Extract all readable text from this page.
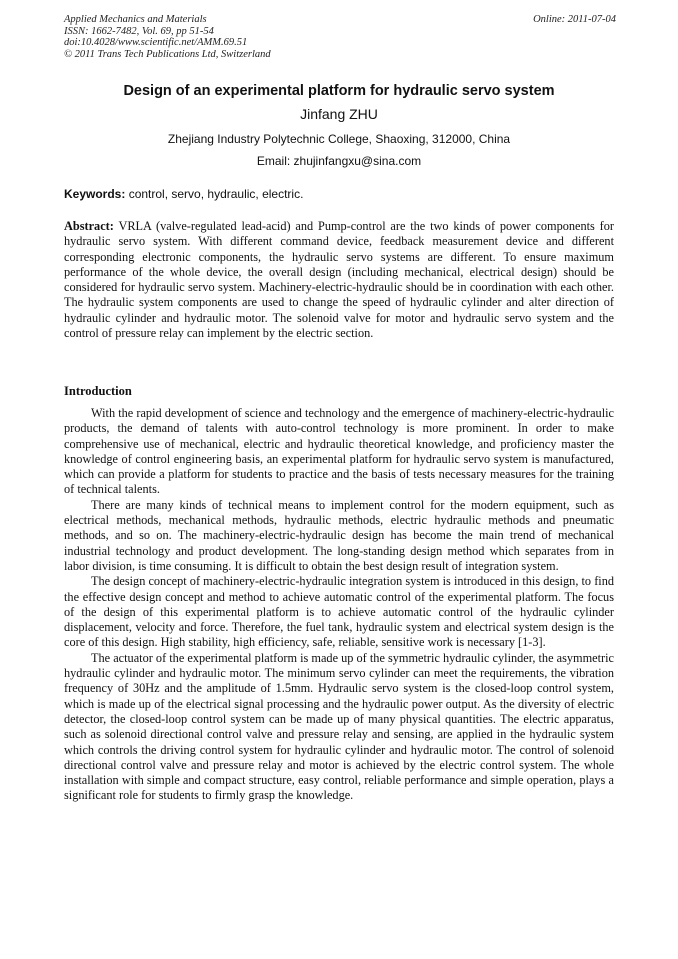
Applied Mechanics and Materials
ISSN: 1662-7482, Vol. 69, pp 51-54
doi:10.4028/www.scientific.net/AMM.69.51
© 2011 Trans Tech Publications Ltd, Switzerland
Online: 2011-07-04
Design of an experimental platform for hydraulic servo system
Jinfang ZHU
Zhejiang Industry Polytechnic College, Shaoxing, 312000, China
Email: zhujinfangxu@sina.com
Keywords: control, servo, hydraulic, electric.

Abstract: VRLA (valve-regulated lead-acid) and Pump-control are the two kinds of power components for hydraulic servo system. With different command device, feedback measurement device and different corresponding electronic components, the hydraulic servo systems are different. To ensure maximum performance of the whole device, the overall design (including mechanical, electrical design) should be considered for hydraulic servo system. Machinery-electric-hydraulic should be in coordination with each other. The hydraulic system components are used to change the speed of hydraulic cylinder and alter direction of hydraulic cylinder and hydraulic motor. The solenoid valve for motor and hydraulic servo system and the control of pressure relay can implement by the electric section.

Introduction

With the rapid development of science and technology and the emergence of machinery-electric-hydraulic products, the demand of talents with auto-control technology is more prominent. In order to make comprehensive use of mechanical, electric and hydraulic theoretical knowledge, and proficiency master the knowledge of control engineering basis, an experimental platform for hydraulic servo system is manufactured, which can provide a platform for students to practice and the basis of tests necessary measures for the training of technical talents.

There are many kinds of technical means to implement control for the modern equipment, such as electrical methods, mechanical methods, hydraulic methods, electric hydraulic methods and pneumatic methods, and so on. The machinery-electric-hydraulic design has become the main trend of mechanical industrial technology and product development. The long-standing design method which separates from in labor division, is time consuming. It is difficult to obtain the best design result of integration system.

The design concept of machinery-electric-hydraulic integration system is introduced in this design, to find the effective design concept and method to achieve automatic control of the experimental platform. The focus of the design of this experimental platform is to achieve automatic control of the hydraulic cylinder displacement, velocity and force. Therefore, the fuel tank, hydraulic system and electrical system design is the core of this design. High stability, high efficiency, safe, reliable, sensitive work is necessary [1-3].

The actuator of the experimental platform is made up of the symmetric hydraulic cylinder, the asymmetric hydraulic cylinder and hydraulic motor. The minimum servo cylinder can meet the requirements, the vibration frequency of 30Hz and the amplitude of 1.5mm. Hydraulic servo system is the closed-loop control system, which is made up of the electrical signal processing and the hydraulic power output. As the diversity of electric detector, the closed-loop control system can be made up of many physical quantities. The electric apparatus, such as solenoid directional control valve and pressure relay and sensing, are applied in the hydraulic system which controls the driving control system for hydraulic cylinder and hydraulic motor. The control of solenoid directional control valve and pressure relay and motor is achieved by the electric control system. The whole installation with simple and compact structure, easy control, reliable performance and simple operation, plays a significant role for students to firmly grasp the knowledge.
